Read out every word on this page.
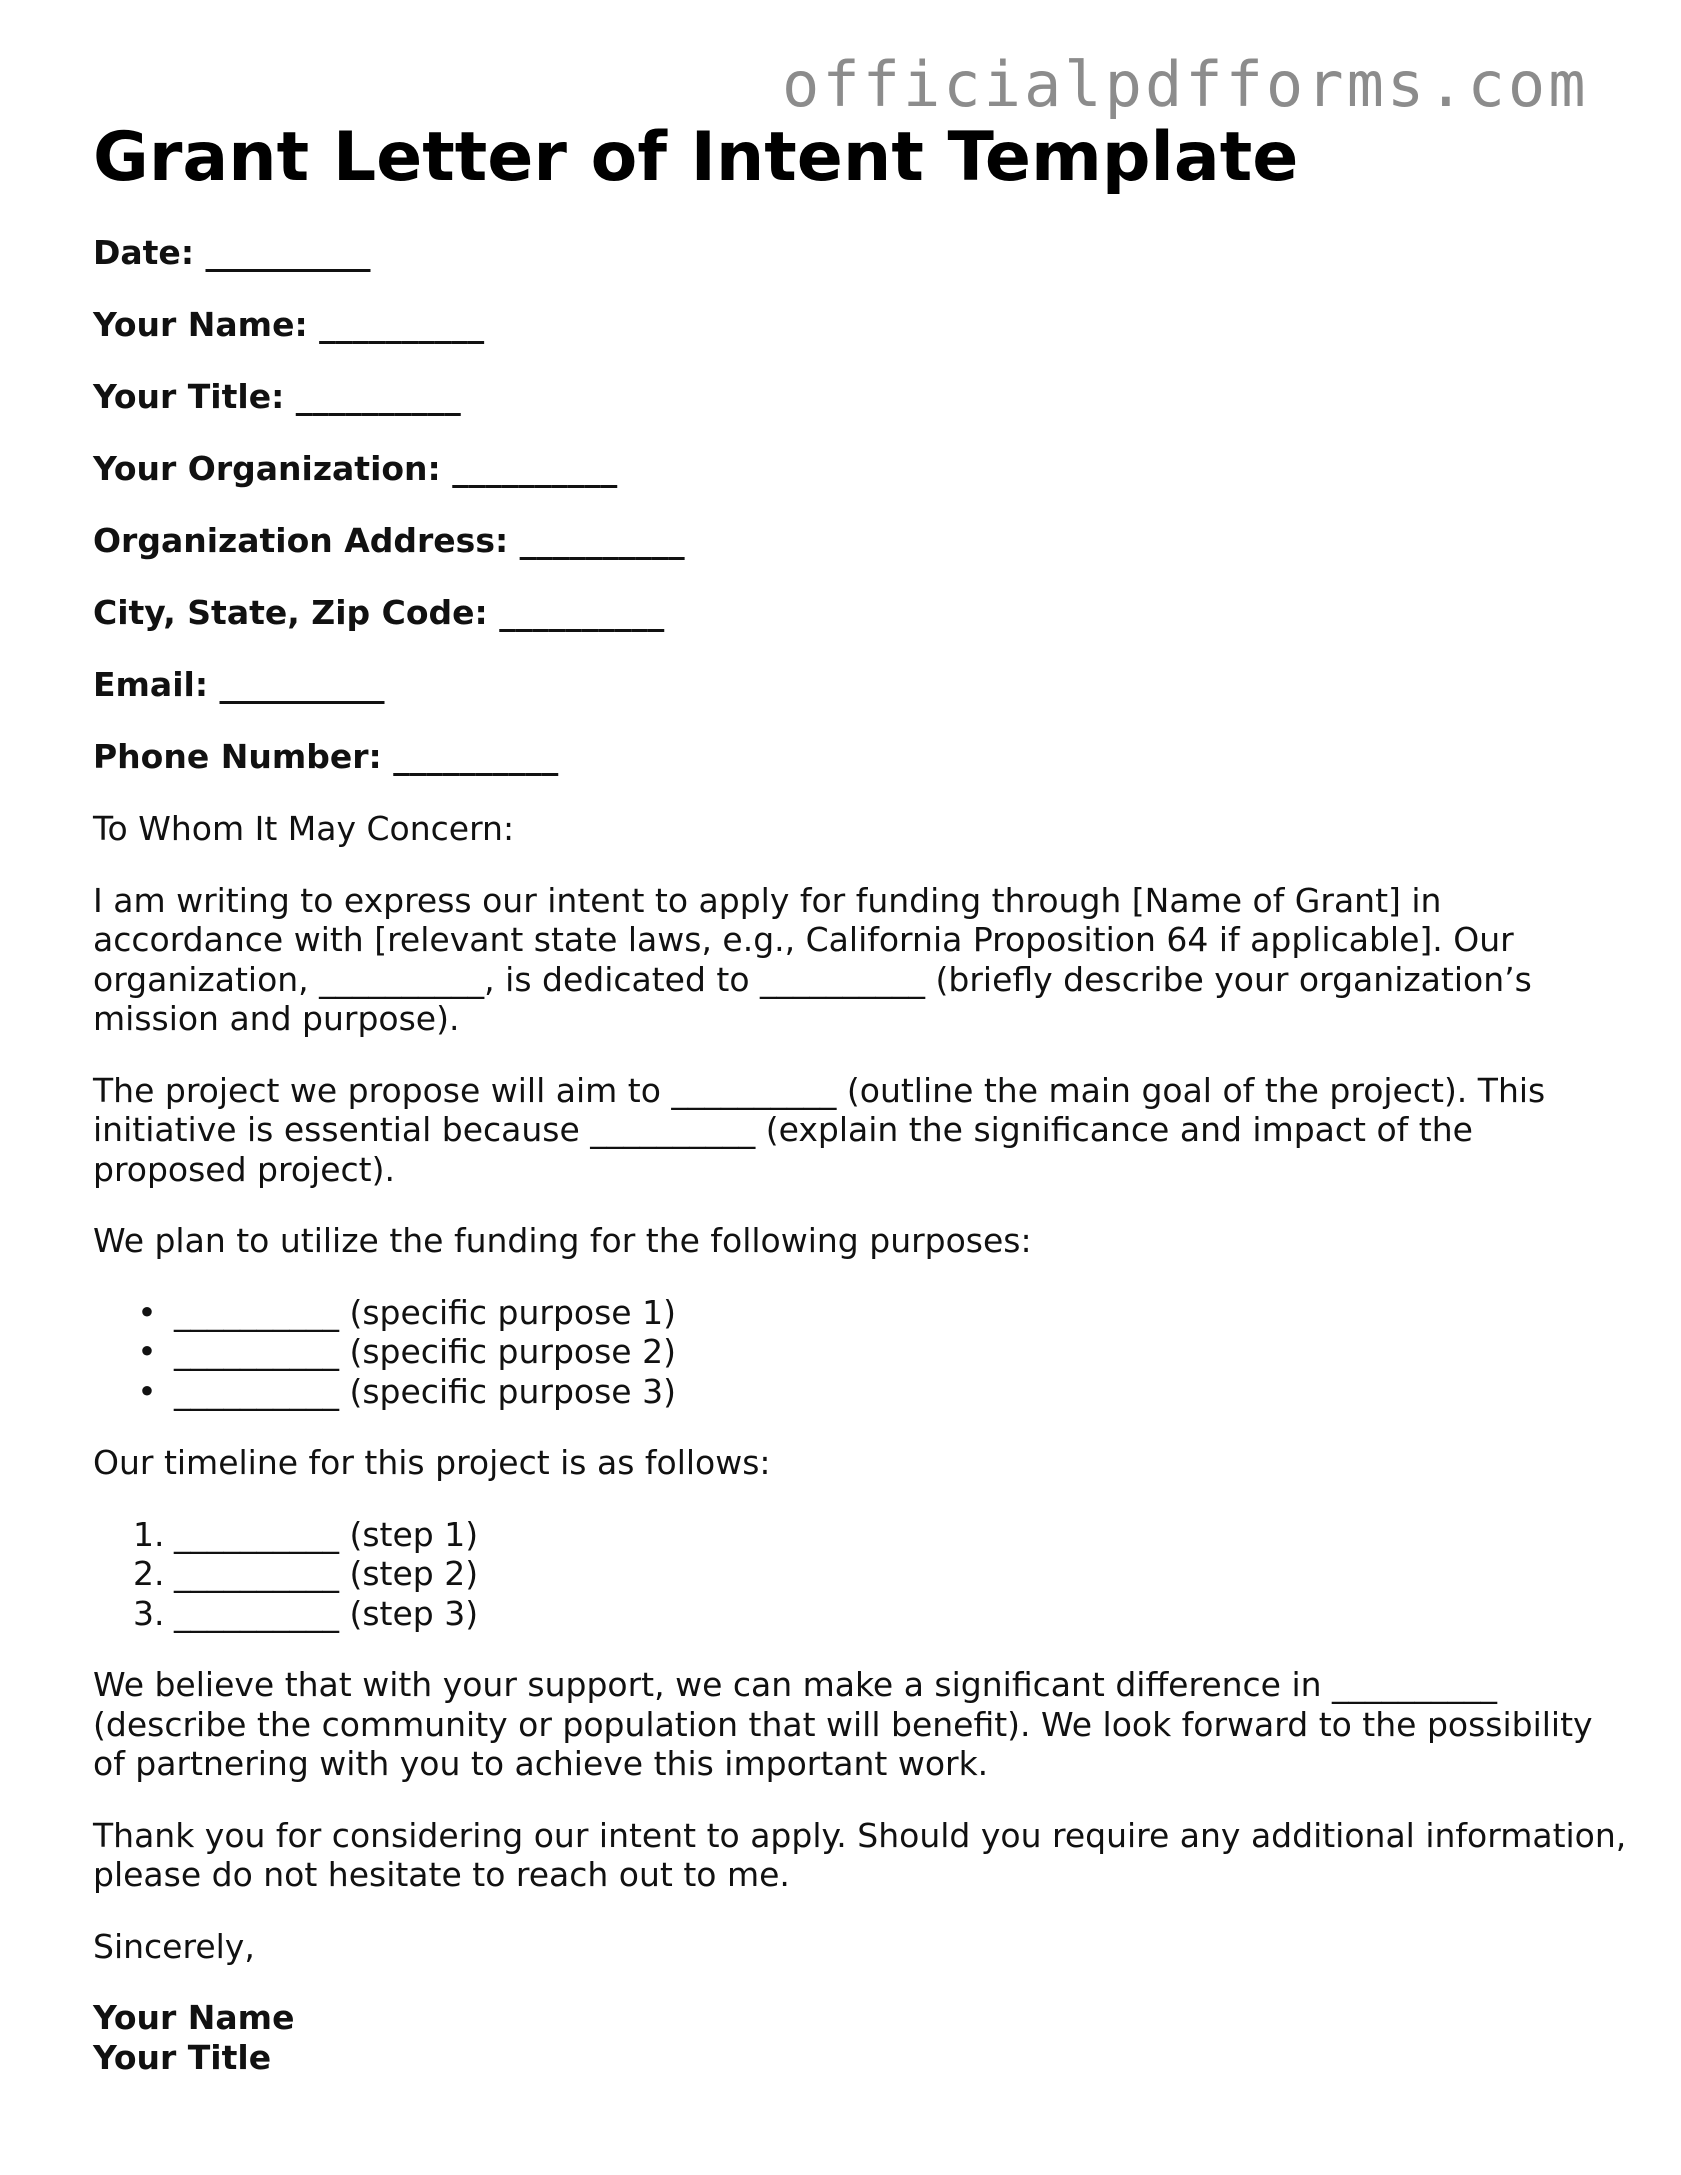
officialpdfforms.com
Grant Letter of Intent Template
Date: __________
Your Name: __________
Your Title: __________
Your Organization: __________
Organization Address: __________
City, State, Zip Code: __________
Email: __________
Phone Number: __________

To Whom It May Concern:

I am writing to express our intent to apply for funding through [Name of Grant] in accordance with [relevant state laws, e.g., California Proposition 64 if applicable]. Our organization, __________, is dedicated to __________ (briefly describe your organization’s mission and purpose).

The project we propose will aim to __________ (outline the main goal of the project). This initiative is essential because __________ (explain the significance and impact of the proposed project).

We plan to utilize the funding for the following purposes:

• __________ (specific purpose 1)
• __________ (specific purpose 2)
• __________ (specific purpose 3)

Our timeline for this project is as follows:

1. __________ (step 1)
2. __________ (step 2)
3. __________ (step 3)

We believe that with your support, we can make a significant difference in __________ (describe the community or population that will benefit). We look forward to the possibility of partnering with you to achieve this important work.

Thank you for considering our intent to apply. Should you require any additional information, please do not hesitate to reach out to me.

Sincerely,

Your Name
Your Title
